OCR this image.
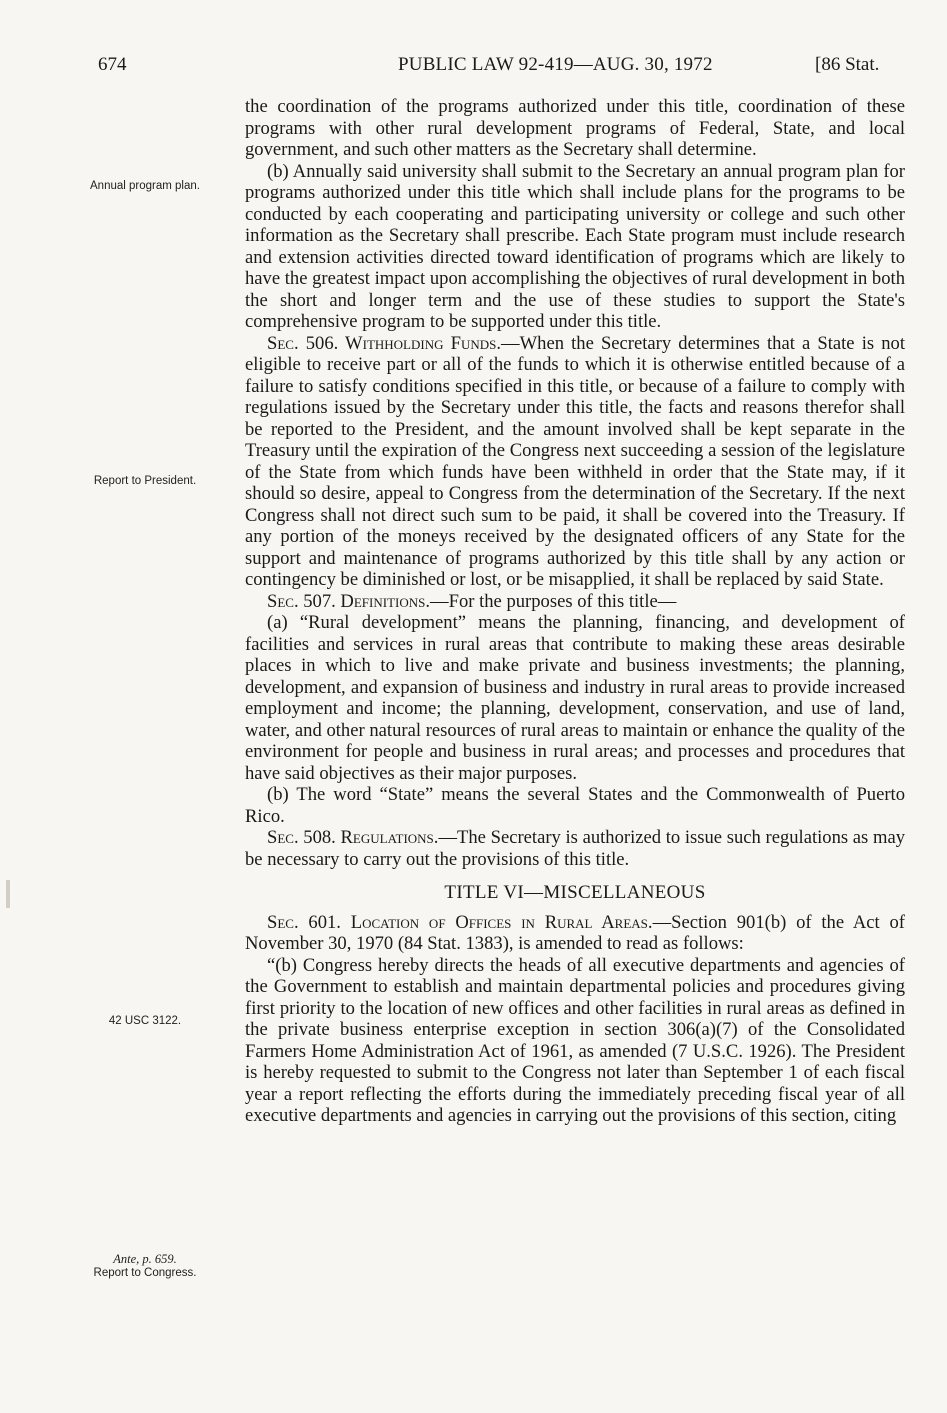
674	PUBLIC LAW 92-419—AUG. 30, 1972	[86 Stat.
Annual program plan.
Report to President.
42 USC 3122.
Ante, p. 659.
Report to Congress.

the coordination of the programs authorized under this title, coordination of these programs with other rural development programs of Federal, State, and local government, and such other matters as the Secretary shall determine.

(b) Annually said university shall submit to the Secretary an annual program plan for programs authorized under this title which shall include plans for the programs to be conducted by each cooperating and participating university or college and such other information as the Secretary shall prescribe. Each State program must include research and extension activities directed toward identification of programs which are likely to have the greatest impact upon accomplishing the objectives of rural development in both the short and longer term and the use of these studies to support the State's comprehensive program to be supported under this title.

Sec. 506. Withholding Funds.—When the Secretary determines that a State is not eligible to receive part or all of the funds to which it is otherwise entitled because of a failure to satisfy conditions specified in this title, or because of a failure to comply with regulations issued by the Secretary under this title, the facts and reasons therefor shall be reported to the President, and the amount involved shall be kept separate in the Treasury until the expiration of the Congress next succeeding a session of the legislature of the State from which funds have been withheld in order that the State may, if it should so desire, appeal to Congress from the determination of the Secretary. If the next Congress shall not direct such sum to be paid, it shall be covered into the Treasury. If any portion of the moneys received by the designated officers of any State for the support and maintenance of programs authorized by this title shall by any action or contingency be diminished or lost, or be misapplied, it shall be replaced by said State.

Sec. 507. Definitions.—For the purposes of this title—

(a) “Rural development” means the planning, financing, and development of facilities and services in rural areas that contribute to making these areas desirable places in which to live and make private and business investments; the planning, development, and expansion of business and industry in rural areas to provide increased employment and income; the planning, development, conservation, and use of land, water, and other natural resources of rural areas to maintain or enhance the quality of the environment for people and business in rural areas; and processes and procedures that have said objectives as their major purposes.

(b) The word “State” means the several States and the Commonwealth of Puerto Rico.

Sec. 508. Regulations.—The Secretary is authorized to issue such regulations as may be necessary to carry out the provisions of this title.

TITLE VI—MISCELLANEOUS

Sec. 601. Location of Offices in Rural Areas.—Section 901(b) of the Act of November 30, 1970 (84 Stat. 1383), is amended to read as follows:

“(b) Congress hereby directs the heads of all executive departments and agencies of the Government to establish and maintain departmental policies and procedures giving first priority to the location of new offices and other facilities in rural areas as defined in the private business enterprise exception in section 306(a)(7) of the Consolidated Farmers Home Administration Act of 1961, as amended (7 U.S.C. 1926). The President is hereby requested to submit to the Congress not later than September 1 of each fiscal year a report reflecting the efforts during the immediately preceding fiscal year of all executive departments and agencies in carrying out the provisions of this section, citing
